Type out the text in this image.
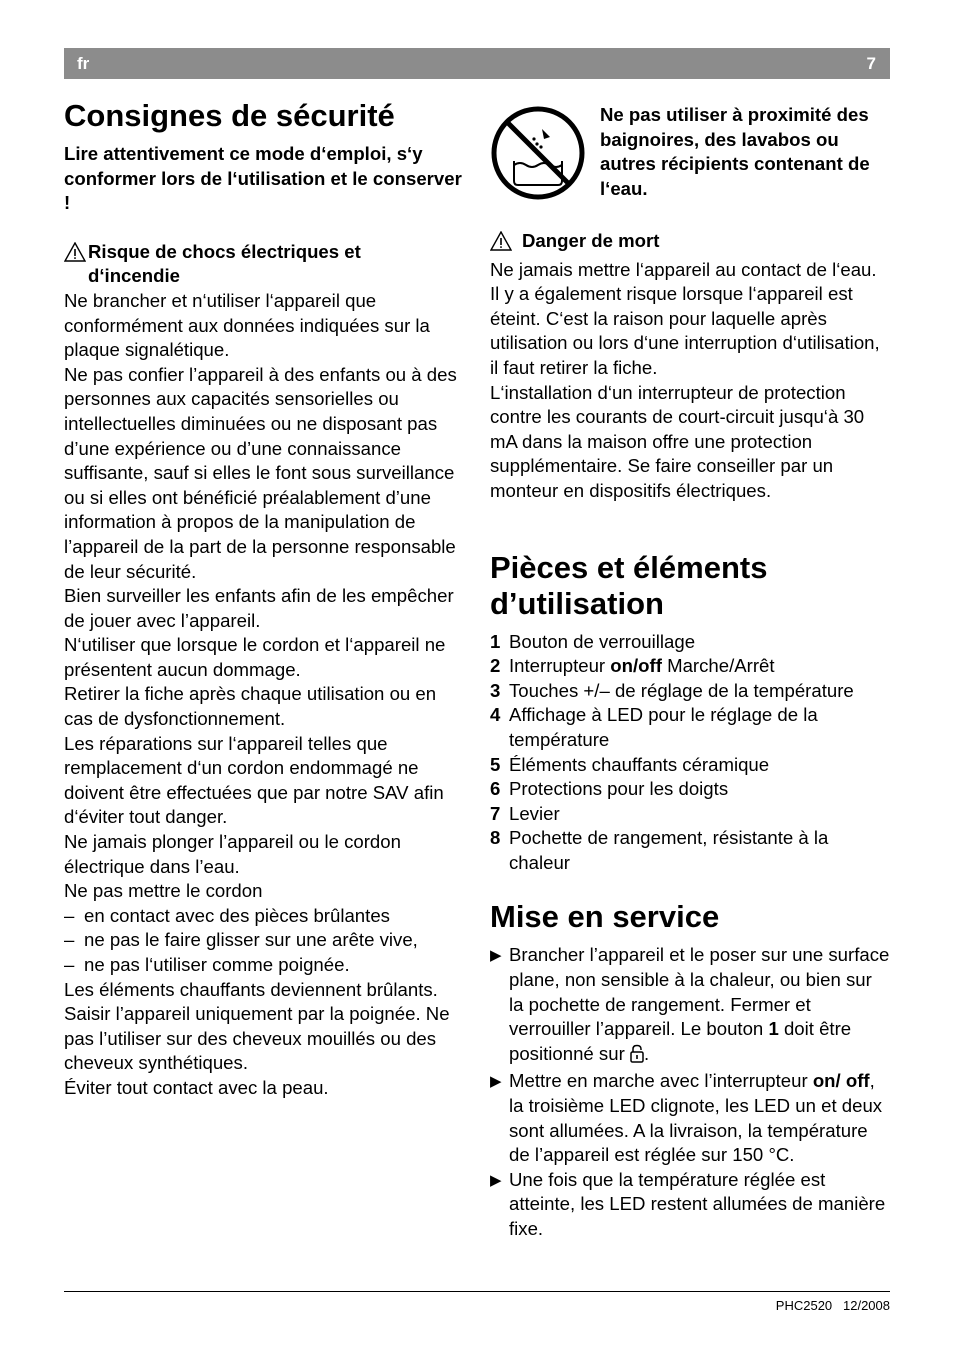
fr	7
Consignes de sécurité

Lire attentivement ce mode d‘emploi, s‘y conformer lors de l‘utilisation et le conserver !

Risque de chocs électriques et
d‘incendie

Ne brancher et n‘utiliser l‘appareil que conformément aux données indiquées sur la plaque signalétique.

Ne pas confier l’appareil à des enfants ou à des personnes aux capacités sensorielles ou intellectuelles diminuées ou ne disposant pas d’une expérience ou d’une connaissance suffisante, sauf si elles le font sous surveillance ou si elles ont bénéficié préalablement d’une information à propos de la manipulation de l’appareil de la part de la personne responsable de leur sécurité.

Bien surveiller les enfants afin de les empêcher de jouer avec l’appareil.

N‘utiliser que lorsque le cordon et l‘appareil ne présentent aucun dommage.

Retirer la fiche après chaque utilisation ou en cas de dysfonctionnement.

Les réparations sur l‘appareil telles que remplacement d‘un cordon endommagé ne doivent être effectuées que par notre SAV afin d‘éviter tout danger.

Ne jamais plonger l’appareil ou le cordon électrique dans l’eau.

Ne pas mettre le cordon

– en contact avec des pièces brûlantes
– ne pas le faire glisser sur une arête vive,
– ne pas l‘utiliser comme poignée.

Les éléments chauffants deviennent brûlants. Saisir l’appareil uniquement par la poignée. Ne pas l’utiliser sur des cheveux mouillés ou des cheveux synthétiques.

Éviter tout contact avec la peau.

Ne pas utiliser à proximité des baignoires, des lavabos ou autres récipients contenant de l‘eau.
Danger de mort

Ne jamais mettre l‘appareil au contact de l‘eau. Il y a également risque lorsque l‘appareil est éteint. C‘est la raison pour laquelle après utilisation ou lors d‘une interruption d‘utilisation, il faut retirer la fiche.

L‘installation d‘un interrupteur de protection contre les courants de court-circuit jusqu‘à 30 mA dans la maison offre une protection supplémentaire. Se faire conseiller par un monteur en dispositifs électriques.

Pièces et éléments
d’utilisation
1 Bouton de verrouillage
2 Interrupteur on/off Marche/Arrêt
3 Touches +/– de réglage de la température
4 Affichage à LED pour le réglage de la température
5 Éléments chauffants céramique
6 Protections pour les doigts
7 Levier
8 Pochette de rangement, résistante à la chaleur
Mise en service
▶ Brancher l’appareil et le poser sur une surface plane, non sensible à la chaleur, ou bien sur la pochette de rangement. Fermer et verrouiller l’appareil. Le bouton 1 doit être positionné sur .
▶ Mettre en marche avec l’interrupteur on/ off, la troisième LED clignote, les LED un et deux sont allumées. A la livraison, la température de l’appareil est réglée sur 150 °C.
▶ Une fois que la température réglée est atteinte, les LED restent allumées de manière fixe.
PHC2520 12/2008
